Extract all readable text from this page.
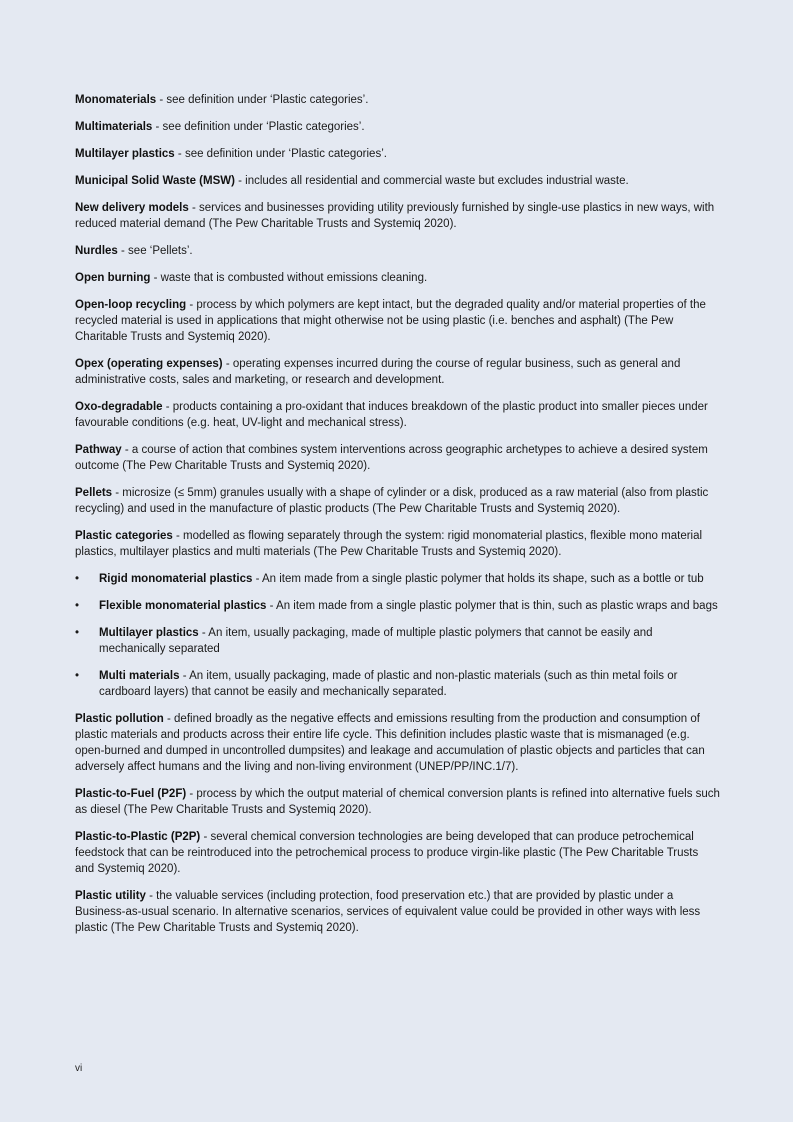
Monomaterials - see definition under ‘Plastic categories’.

Multimaterials - see definition under ‘Plastic categories’.

Multilayer plastics - see definition under ‘Plastic categories’.

Municipal Solid Waste (MSW) - includes all residential and commercial waste but excludes industrial waste.

New delivery models - services and businesses providing utility previously furnished by single-use plastics in new ways, with reduced material demand (The Pew Charitable Trusts and Systemiq 2020).

Nurdles - see ‘Pellets’.

Open burning - waste that is combusted without emissions cleaning.

Open-loop recycling - process by which polymers are kept intact, but the degraded quality and/or material properties of the recycled material is used in applications that might otherwise not be using plastic (i.e. benches and asphalt) (The Pew Charitable Trusts and Systemiq 2020).

Opex (operating expenses) - operating expenses incurred during the course of regular business, such as general and administrative costs, sales and marketing, or research and development.

Oxo-degradable - products containing a pro-oxidant that induces breakdown of the plastic product into smaller pieces under favourable conditions (e.g. heat, UV-light and mechanical stress).

Pathway - a course of action that combines system interventions across geographic archetypes to achieve a desired system outcome (The Pew Charitable Trusts and Systemiq 2020).

Pellets - microsize (≤ 5mm) granules usually with a shape of cylinder or a disk, produced as a raw material (also from plastic recycling) and used in the manufacture of plastic products (The Pew Charitable Trusts and Systemiq 2020).

Plastic categories - modelled as flowing separately through the system: rigid monomaterial plastics, flexible mono material plastics, multilayer plastics and multi materials (The Pew Charitable Trusts and Systemiq 2020).

• Rigid monomaterial plastics - An item made from a single plastic polymer that holds its shape, such as a bottle or tub
• Flexible monomaterial plastics - An item made from a single plastic polymer that is thin, such as plastic wraps and bags
• Multilayer plastics - An item, usually packaging, made of multiple plastic polymers that cannot be easily and mechanically separated
• Multi materials - An item, usually packaging, made of plastic and non-plastic materials (such as thin metal foils or cardboard layers) that cannot be easily and mechanically separated.

Plastic pollution - defined broadly as the negative effects and emissions resulting from the production and consumption of plastic materials and products across their entire life cycle. This definition includes plastic waste that is mismanaged (e.g. open-burned and dumped in uncontrolled dumpsites) and leakage and accumulation of plastic objects and particles that can adversely affect humans and the living and non-living environment (UNEP/PP/INC.1/7).

Plastic-to-Fuel (P2F) - process by which the output material of chemical conversion plants is refined into alternative fuels such as diesel (The Pew Charitable Trusts and Systemiq 2020).

Plastic-to-Plastic (P2P) - several chemical conversion technologies are being developed that can produce petrochemical feedstock that can be reintroduced into the petrochemical process to produce virgin-like plastic (The Pew Charitable Trusts and Systemiq 2020).

Plastic utility - the valuable services (including protection, food preservation etc.) that are provided by plastic under a Business-as-usual scenario. In alternative scenarios, services of equivalent value could be provided in other ways with less plastic (The Pew Charitable Trusts and Systemiq 2020).

vi
